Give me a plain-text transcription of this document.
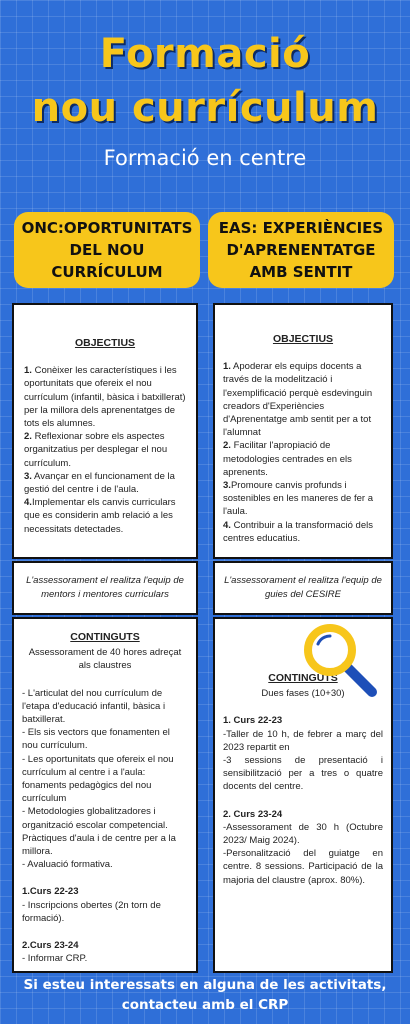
Formació
nou currículum
Formació en centre
ONC:OPORTUNITATS
DEL NOU
CURRÍCULUM
EAS: EXPERIÈNCIES
D'APRENENTATGE
AMB SENTIT

OBJECTIUS

1. Conèixer les característiques i les oportunitats que ofereix el nou currículum (infantil, bàsica i batxillerat) per la millora dels aprenentatges de tots els alumnes.

2. Reflexionar sobre els aspectes organitzatius per desplegar el nou currículum.

3. Avançar en el funcionament de la gestió del centre i de l'aula.

4.Implementar els canvis curriculars que es considerin amb relació a les necessitats detectades.

OBJECTIUS

1. Apoderar els equips docents a través de la modelització i l'exemplificació perquè esdevinguin creadors d'Experiències d'Aprenentatge amb sentit per a tot l'alumnat

2. Facilitar l'apropiació de metodologies centrades en els aprenents.

3.Promoure canvis profunds i sostenibles en les maneres de fer a l'aula.

4. Contribuir a la transformació dels centres educatius.

L'assessorament el realitza l'equip de mentors i mentores curriculars
L'assessorament el realitza l'equip de guies del CESIRE

CONTINGUTS

Assessorament de 40 hores adreçat als claustres

- L'articulat del nou currículum de l'etapa d'educació infantil, bàsica i batxillerat.

- Els sis vectors que fonamenten el nou currículum.

- Les oportunitats que ofereix el nou currículum al centre i a l'aula: fonaments pedagògics del nou currículum

- Metodologies globalitzadores i organització escolar competencial. Pràctiques d'aula i de centre per a la millora.

- Avaluació formativa.

1.Curs 22-23

- Inscripcions obertes (2n torn de formació).

2.Curs 23-24

- Informar CRP.

CONTINGUTS

Dues fases (10+30)

1. Curs 22-23

-Taller de 10 h, de febrer a març del 2023 repartit en

-3 sessions de presentació i sensibilització per a tres o quatre docents del centre.

2. Curs 23-24

-Assessorament de 30 h (Octubre 2023/ Maig 2024).

-Personalització del guiatge en centre. 8 sessions. Participació de la majoria del claustre (aprox. 80%).

Si esteu interessats en alguna de les activitats,
contacteu amb el CRP
